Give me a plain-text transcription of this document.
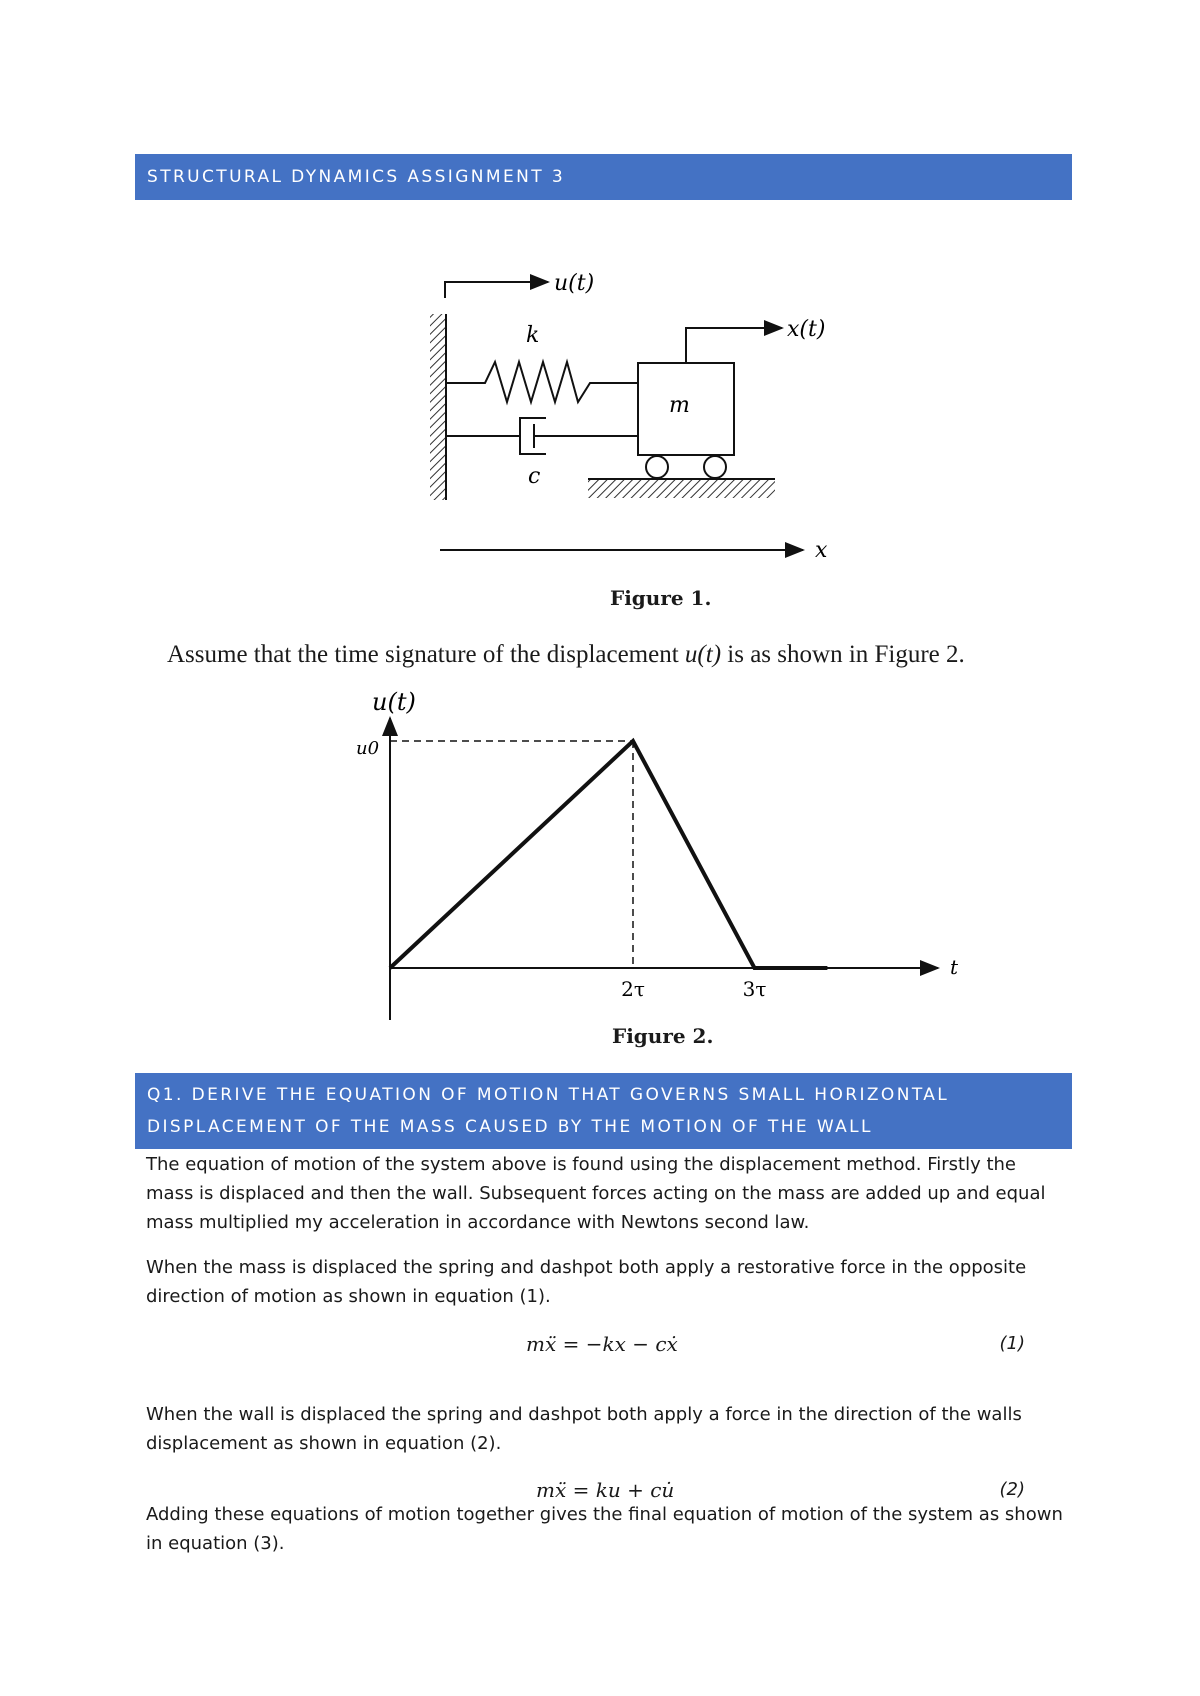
STRUCTURAL DYNAMICS ASSIGNMENT 3
u(t)
x(t)
k
m
c
x
Figure 1.
Assume that the time signature of the displacement u(t) is as shown in Figure 2.
u(t)
t
u0
2τ	3τ
Figure 2.
Q1. DERIVE THE EQUATION OF MOTION THAT GOVERNS SMALL HORIZONTAL DISPLACEMENT OF THE MASS CAUSED BY THE MOTION OF THE WALL

The equation of motion of the system above is found using the displacement method. Firstly the mass is displaced and then the wall. Subsequent forces acting on the mass are added up and equal mass multiplied my acceleration in accordance with Newtons second law.

When the mass is displaced the spring and dashpot both apply a restorative force in the opposite direction of motion as shown in equation (1).

mẍ = −kx − cẋ	(1)

When the wall is displaced the spring and dashpot both apply a force in the direction of the walls displacement as shown in equation (2).

mẍ = ku + cu̇	(2)

Adding these equations of motion together gives the final equation of motion of the system as shown in equation (3).
